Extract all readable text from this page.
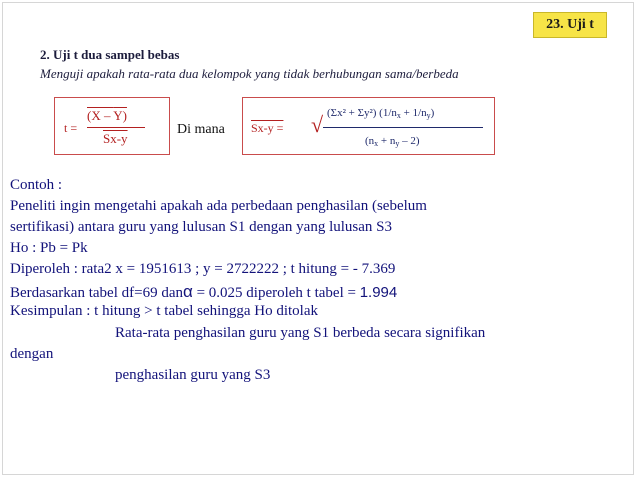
23. Uji t
2. Uji t dua sampel bebas
Menguji apakah rata-rata dua kelompok yang tidak berhubungan sama/berbeda
t =
(X – Y)
Sx-y
Di mana Sx-y = √ (Σx² + Σy²) $(1/n_x + 1/n_y)$
$(n_x + n_y - 2)$
Contoh :
Peneliti ingin mengetahi apakah ada perbedaan penghasilan (sebelum
sertifikasi) antara guru yang lulusan S1 dengan yang lulusan S3
Ho : Pb = Pk
Diperoleh : rata2 x = 1951613 ; y = 2722222 ; t hitung = - 7.369
Berdasarkan tabel df=69 danα = 0.025 diperoleh t tabel = 1.994
Kesimpulan : t hitung > t tabel sehingga Ho ditolak
Rata-rata penghasilan guru yang S1 berbeda secara signifikan
dengan
penghasilan guru yang S3
